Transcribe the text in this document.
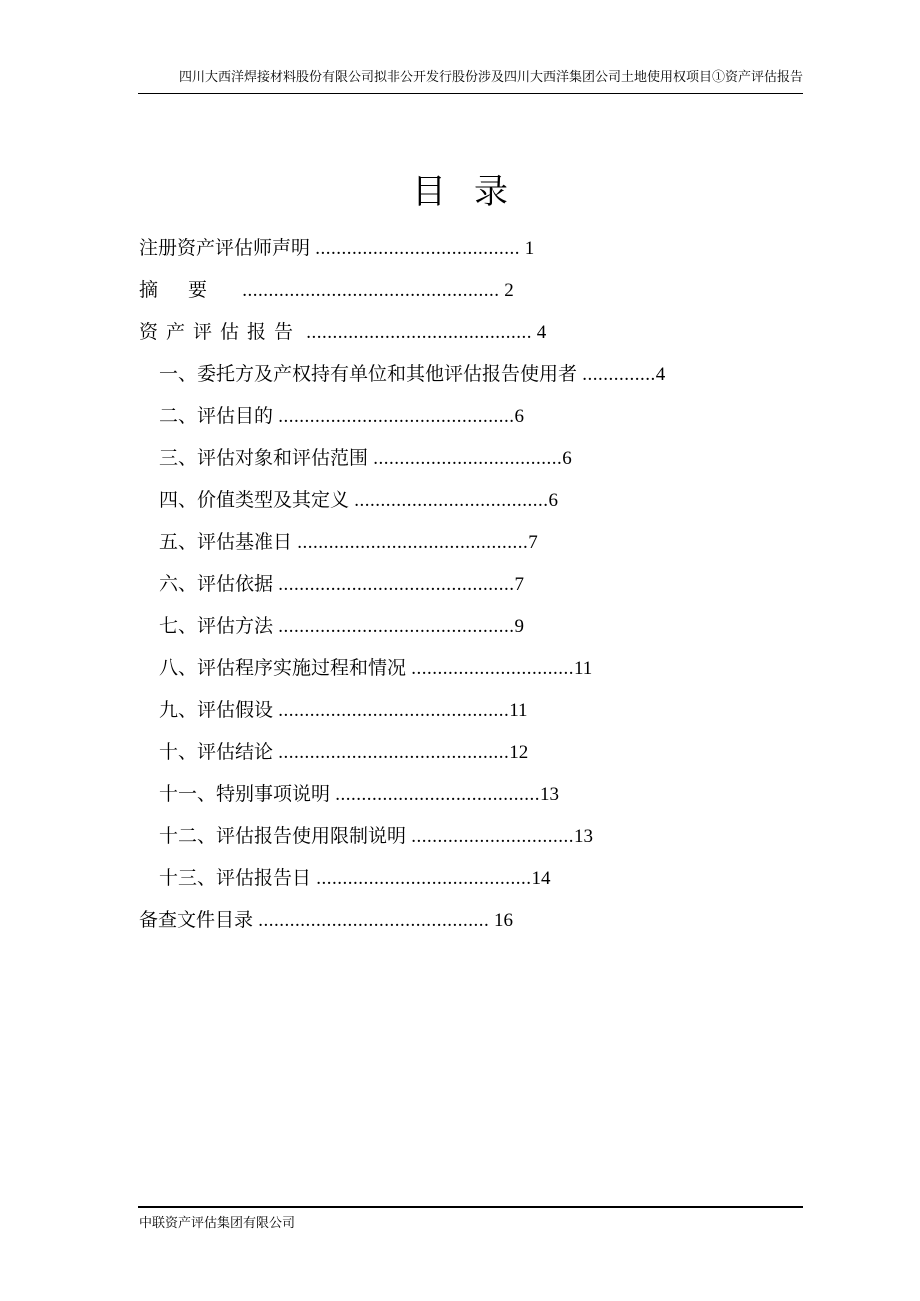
四川大西洋焊接材料股份有限公司拟非公开发行股份涉及四川大西洋集团公司土地使用权项目①资产评估报告
目录
注册资产评估师声明 ....................................... 1
摘要 ................................................. 2
资产评估报告 ........................................... 4
一、委托方及产权持有单位和其他评估报告使用者 ..............4
二、评估目的 .............................................6
三、评估对象和评估范围 ....................................6
四、价值类型及其定义 .....................................6
五、评估基准日 ............................................7
六、评估依据 .............................................7
七、评估方法 .............................................9
八、评估程序实施过程和情况 ...............................11
九、评估假设 ............................................11
十、评估结论 ............................................12
十一、特别事项说明 .......................................13
十二、评估报告使用限制说明 ...............................13
十三、评估报告日 .........................................14
备查文件目录 ............................................ 16
中联资产评估集团有限公司
